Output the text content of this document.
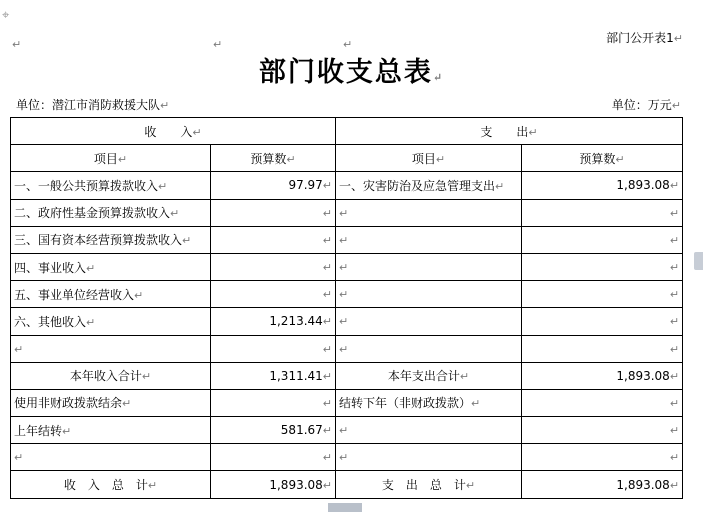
⌖
↵	↵	↵	部门公开表1↵
部门收支总表↵
单位：潜江市消防救援大队↵	单位：万元↵
收　　入↵		支　　出↵	
项目↵	预算数↵	项目↵	预算数↵
一、一般公共预算拨款收入↵	97.97↵	一、灾害防治及应急管理支出↵	1,893.08↵
二、政府性基金预算拨款收入↵	↵	↵	↵
三、国有资本经营预算拨款收入↵	↵	↵	↵
四、事业收入↵	↵	↵	↵
五、事业单位经营收入↵	↵	↵	↵
六、其他收入↵	1,213.44↵	↵	↵
↵	↵	↵	↵
本年收入合计↵	1,311.41↵	本年支出合计↵	1,893.08↵
使用非财政拨款结余↵	↵	结转下年（非财政拨款）↵	↵
上年结转↵	581.67↵	↵	↵
↵	↵	↵	↵
收　入　总　计↵	1,893.08↵	支　出　总　计↵	1,893.08↵
